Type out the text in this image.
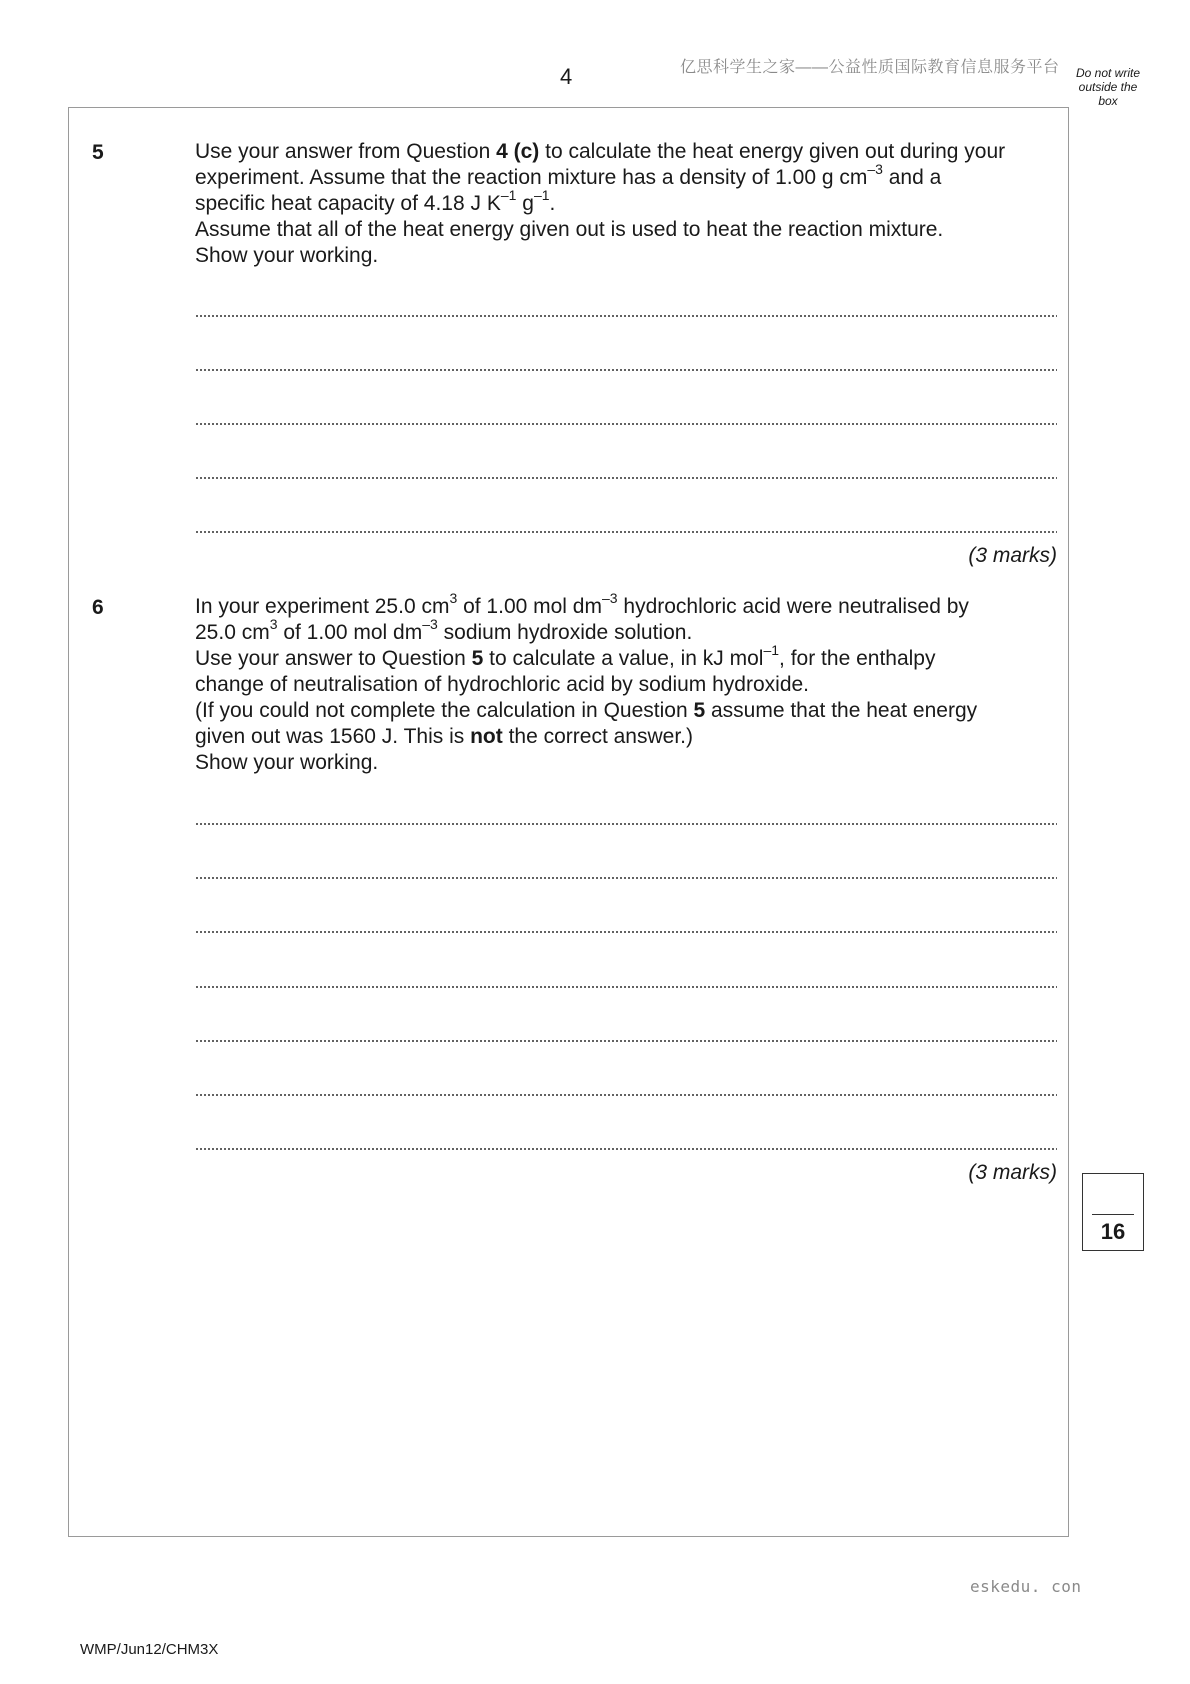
4	亿思科学生之家——公益性质国际教育信息服务平台	Do not write outside the box
5	Use your answer from Question 4 (c) to calculate the heat energy given out during your

experiment. Assume that the reaction mixture has a density of 1.00 g $cm^{-3}$ and a

specific heat capacity of 4.18 J $K^{-1}$ $g^{-1}$.

Assume that all of the heat energy given out is used to heat the reaction mixture.

Show your working.

(3 marks)
6	In your experiment 25.0 $cm^3$ of 1.00 mol $dm^{-3}$ hydrochloric acid were neutralised by

25.0 $cm^3$ of 1.00 mol $dm^{-3}$ sodium hydroxide solution.

Use your answer to Question 5 to calculate a value, in kJ mol$^{-1}$, for the enthalpy

change of neutralisation of hydrochloric acid by sodium hydroxide.

(If you could not complete the calculation in Question 5 assume that the heat energy

given out was 1560 J. This is not the correct answer.)

Show your working.

(3 marks)
16
eskedu. con
WMP/Jun12/CHM3X
